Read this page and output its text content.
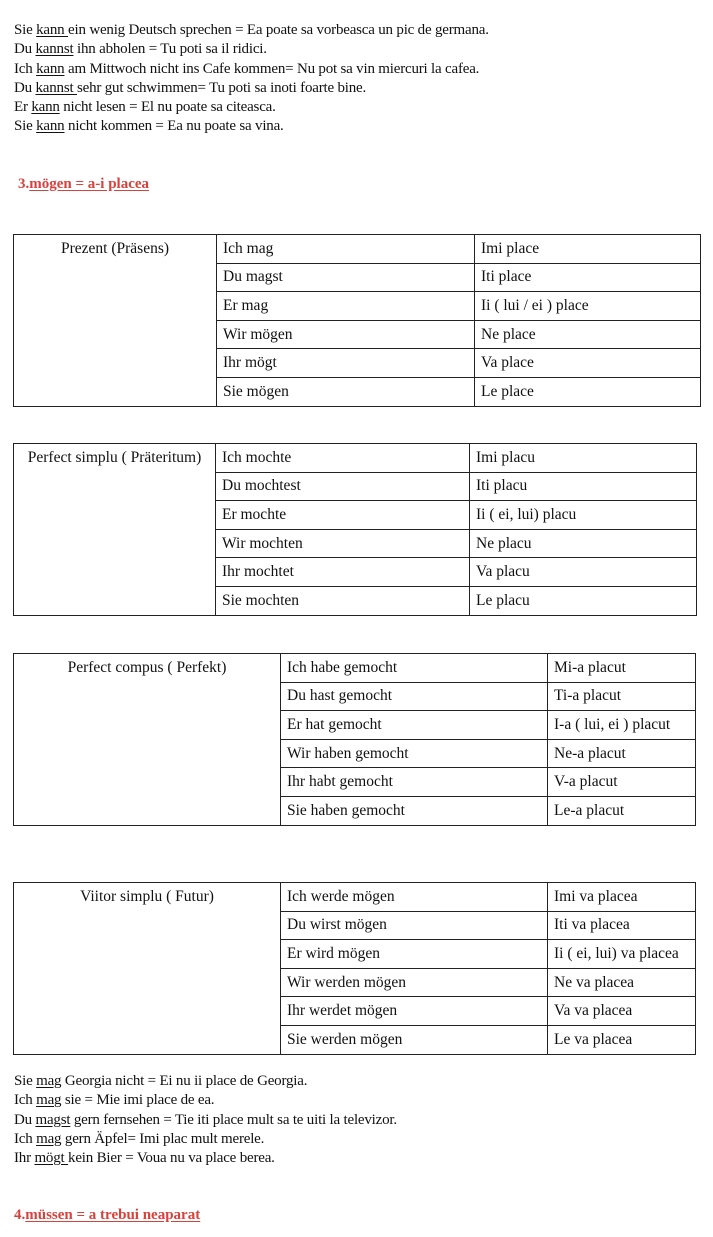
Sie kann ein wenig Deutsch sprechen = Ea poate sa vorbeasca un pic de germana.
Du kannst ihn abholen = Tu poti sa il ridici.
Ich kann am Mittwoch nicht ins Cafe kommen= Nu pot sa vin miercuri la cafea.
Du kannst sehr gut schwimmen= Tu poti sa inoti foarte bine.
Er kann nicht lesen = El nu poate sa citeasca.
Sie kann nicht kommen = Ea nu poate sa vina.
3.mögen = a-i placea
Prezent (Präsens)	Ich mag	Imi place
	Du magst	Iti place
	Er mag	Ii ( lui / ei ) place
	Wir mögen	Ne place
	Ihr mögt	Va place
	Sie mögen	Le place
Perfect simplu ( Präteritum)	Ich mochte	Imi placu
	Du mochtest	Iti placu
	Er mochte	Ii ( ei, lui) placu
	Wir mochten	Ne placu
	Ihr mochtet	Va placu
	Sie mochten	Le placu
Perfect compus ( Perfekt)	Ich habe gemocht	Mi-a placut
	Du hast gemocht	Ti-a placut
	Er hat gemocht	I-a ( lui, ei ) placut
	Wir haben gemocht	Ne-a placut
	Ihr habt gemocht	V-a placut
	Sie haben gemocht	Le-a placut
Viitor simplu ( Futur)	Ich werde mögen	Imi va placea
	Du wirst mögen	Iti va placea
	Er wird mögen	Ii ( ei, lui) va placea
	Wir werden mögen	Ne va placea
	Ihr werdet mögen	Va va placea
	Sie werden mögen	Le va placea
Sie mag Georgia nicht = Ei nu ii place de Georgia.
Ich mag sie = Mie imi place de ea.
Du magst gern fernsehen = Tie iti place mult sa te uiti la televizor.
Ich mag gern Äpfel= Imi plac mult merele.
Ihr mögt kein Bier = Voua nu va place berea.
4.müssen = a trebui neaparat
